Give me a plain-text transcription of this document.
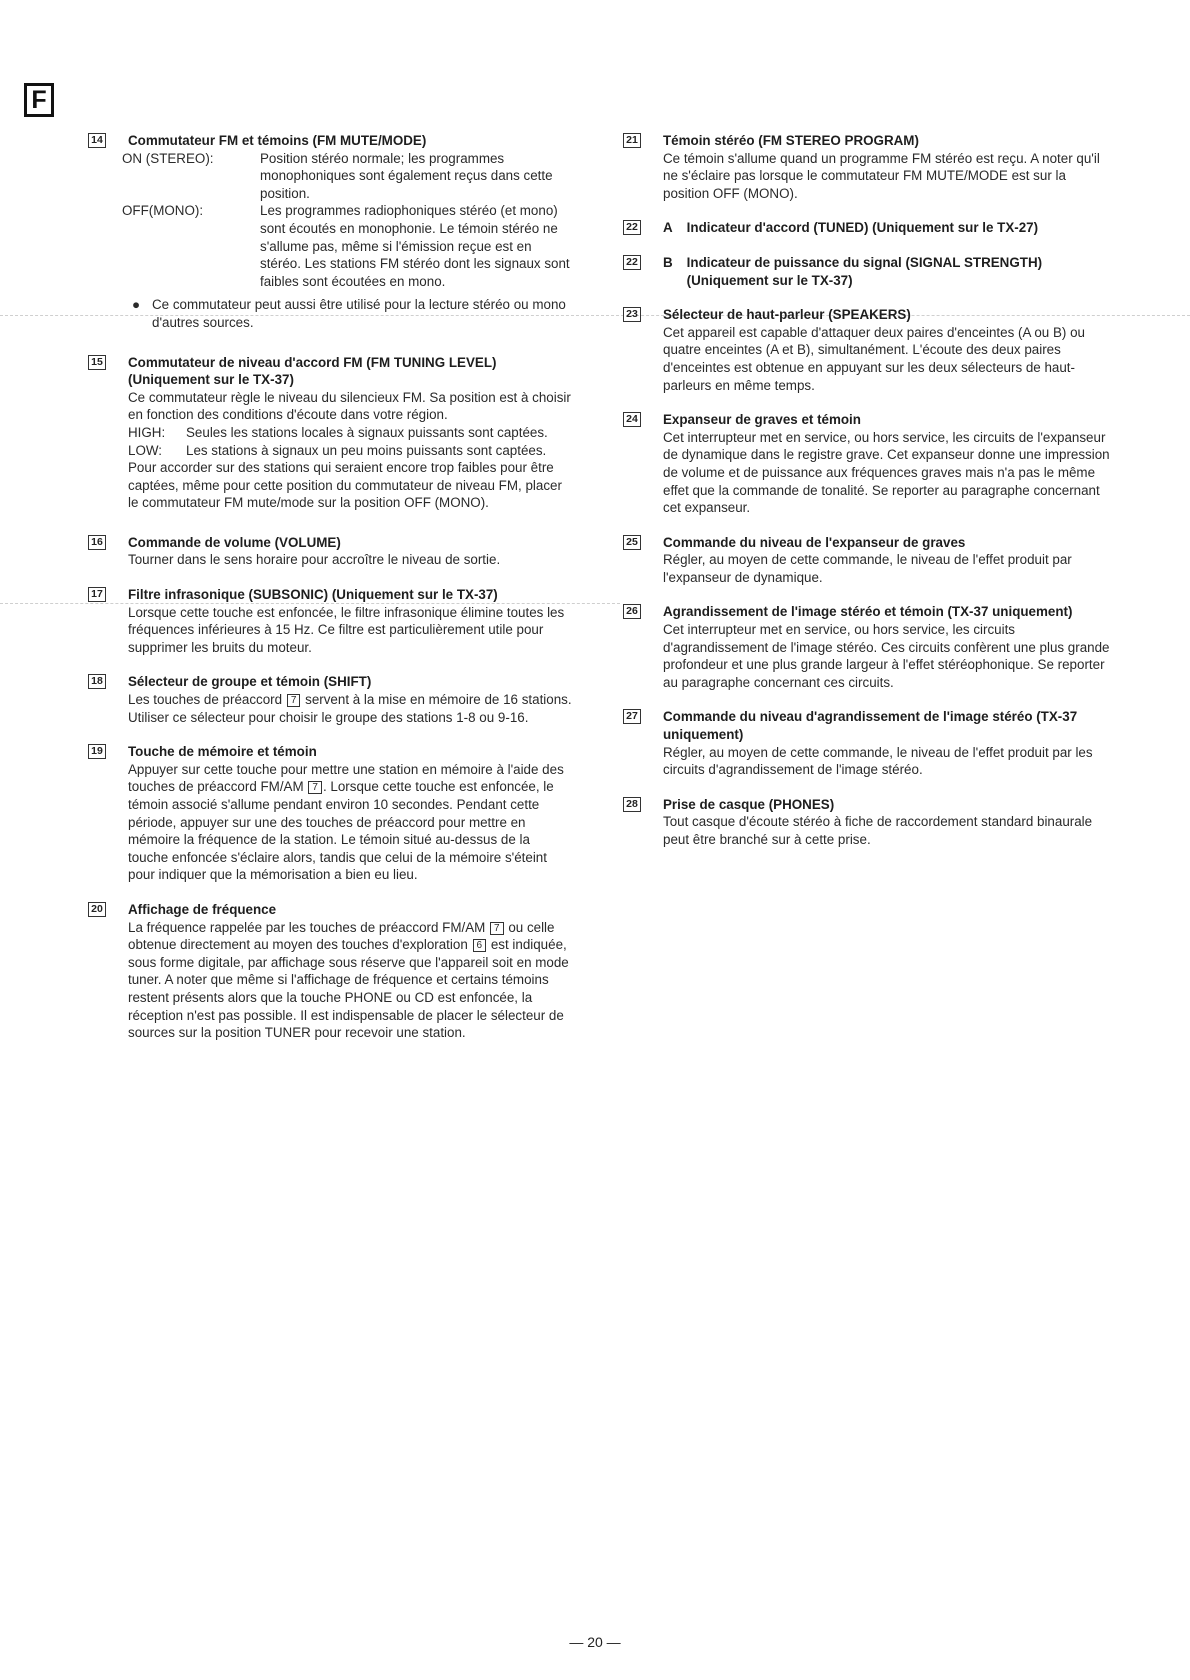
F
14 Commutateur FM et témoins (FM MUTE/MODE)
ON (STEREO):	Position stéréo normale; les programmes monophoniques sont également reçus dans cette position.
OFF(MONO):	Les programmes radiophoniques stéréo (et mono) sont écoutés en monophonie. Le témoin stéréo ne s'allume pas, même si l'émission reçue est en stéréo. Les stations FM stéréo dont les signaux sont faibles sont écoutées en mono.
● Ce commutateur peut aussi être utilisé pour la lecture stéréo ou mono d'autres sources.
15 Commutateur de niveau d'accord FM (FM TUNING LEVEL) (Uniquement sur le TX-37)

Ce commutateur règle le niveau du silencieux FM. Sa position est à choisir en fonction des conditions d'écoute dans votre région.

HIGH:	Seules les stations locales à signaux puissants sont captées.
LOW:	Les stations à signaux un peu moins puissants sont captées.

Pour accorder sur des stations qui seraient encore trop faibles pour être captées, même pour cette position du commutateur de niveau FM, placer le commutateur FM mute/mode sur la position OFF (MONO).

16 Commande de volume (VOLUME)

Tourner dans le sens horaire pour accroître le niveau de sortie.

17 Filtre infrasonique (SUBSONIC) (Uniquement sur le TX-37)

Lorsque cette touche est enfoncée, le filtre infrasonique élimine toutes les fréquences inférieures à 15 Hz. Ce filtre est particulièrement utile pour supprimer les bruits du moteur.

18 Sélecteur de groupe et témoin (SHIFT)

Les touches de préaccord 7 servent à la mise en mémoire de 16 stations. Utiliser ce sélecteur pour choisir le groupe des stations 1-8 ou 9-16.

19 Touche de mémoire et témoin

Appuyer sur cette touche pour mettre une station en mémoire à l'aide des touches de préaccord FM/AM 7 . Lorsque cette touche est enfoncée, le témoin associé s'allume pendant environ 10 secondes. Pendant cette période, appuyer sur une des touches de préaccord pour mettre en mémoire la fréquence de la station. Le témoin situé au-dessus de la touche enfoncée s'éclaire alors, tandis que celui de la mémoire s'éteint pour indiquer que la mémorisation a bien eu lieu.

20 Affichage de fréquence

La fréquence rappelée par les touches de préaccord FM/AM 7 ou celle obtenue directement au moyen des touches d'exploration 6 est indiquée, sous forme digitale, par affichage sous réserve que l'appareil soit en mode tuner. A noter que même si l'affichage de fréquence et certains témoins restent présents alors que la touche PHONE ou CD est enfoncée, la réception n'est pas possible. Il est indispensable de placer le sélecteur de sources sur la position TUNER pour recevoir une station.

21 Témoin stéréo (FM STEREO PROGRAM)

Ce témoin s'allume quand un programme FM stéréo est reçu. A noter qu'il ne s'éclaire pas lorsque le commutateur FM MUTE/MODE est sur la position OFF (MONO).

22 A Indicateur d'accord (TUNED) (Uniquement sur le TX-27)
22 B Indicateur de puissance du signal (SIGNAL STRENGTH) (Uniquement sur le TX-37)
23 Sélecteur de haut-parleur (SPEAKERS)

Cet appareil est capable d'attaquer deux paires d'enceintes (A ou B) ou quatre enceintes (A et B), simultanément. L'écoute des deux paires d'enceintes est obtenue en appuyant sur les deux sélecteurs de haut-parleurs en même temps.

24 Expanseur de graves et témoin

Cet interrupteur met en service, ou hors service, les circuits de l'expanseur de dynamique dans le registre grave. Cet expanseur donne une impression de volume et de puissance aux fréquences graves mais n'a pas le même effet que la commande de tonalité. Se reporter au paragraphe concernant cet expanseur.

25 Commande du niveau de l'expanseur de graves

Régler, au moyen de cette commande, le niveau de l'effet produit par l'expanseur de dynamique.

26 Agrandissement de l'image stéréo et témoin (TX-37 uniquement)

Cet interrupteur met en service, ou hors service, les circuits d'agrandissement de l'image stéréo. Ces circuits confèrent une plus grande profondeur et une plus grande largeur à l'effet stéréophonique. Se reporter au paragraphe concernant ces circuits.

27 Commande du niveau d'agrandissement de l'image stéréo (TX-37 uniquement)

Régler, au moyen de cette commande, le niveau de l'effet produit par les circuits d'agrandissement de l'image stéréo.

28 Prise de casque (PHONES)

Tout casque d'écoute stéréo à fiche de raccordement standard binaurale peut être branché sur à cette prise.

— 20 —
